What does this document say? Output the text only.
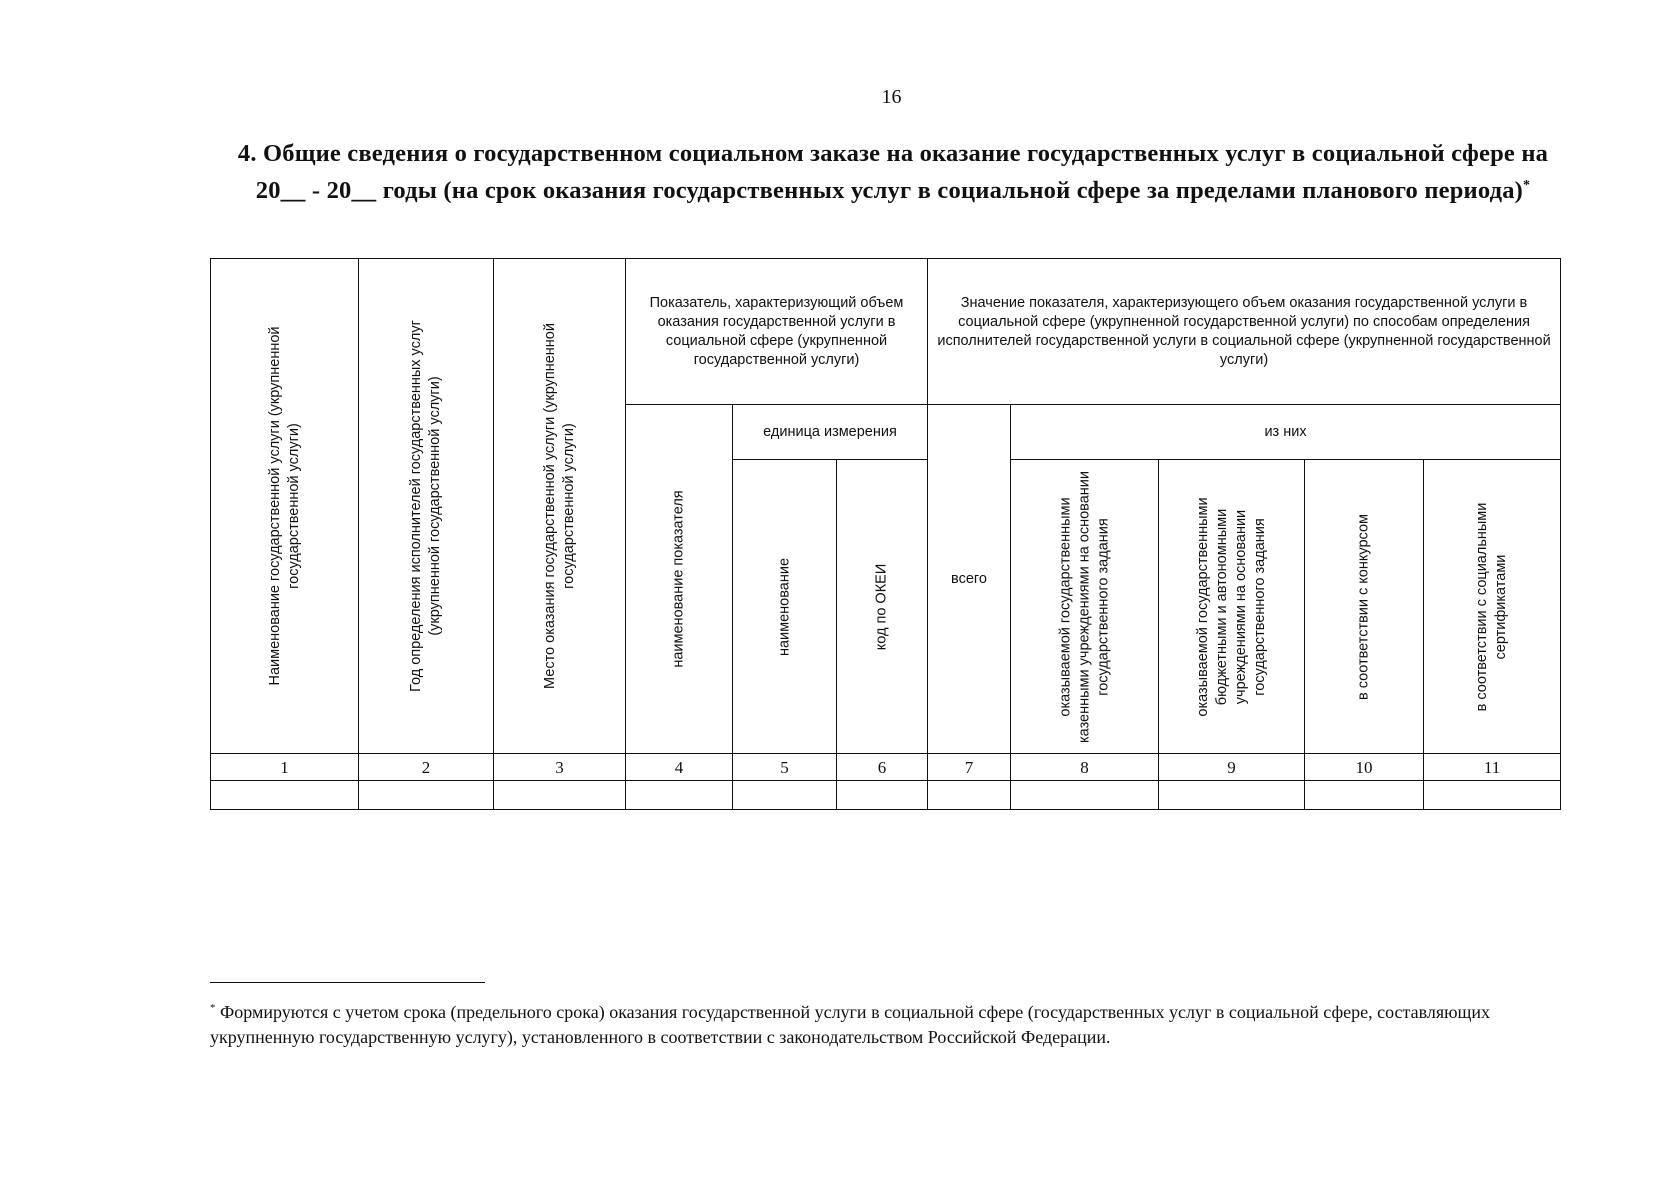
16
4. Общие сведения о государственном социальном заказе на оказание государственных услуг в социальной сфере на 20__ - 20__ годы (на срок оказания государственных услуг в социальной сфере за пределами планового периода)*
Наименование государственной услуги (укрупненной государственной услуги)	Год определения исполнителей государственных услуг (укрупненной государственной услуги)	Место оказания государственной услуги (укрупненной государственной услуги)	Показатель, характеризующий объем оказания государственной услуги в социальной сфере (укрупненной государственной услуги)			Значение показателя, характеризующего объем оказания государственной услуги в социальной сфере (укрупненной государственной услуги) по способам определения исполнителей государственной услуги в социальной сфере (укрупненной государственной услуги)				

			наименование показателя	единица измерения		всего	из них			

				наименование	код по ОКЕИ		оказываемой государственными казенными учреждениями на основании государственного задания	оказываемой государственными бюджетными и автономными учреждениями на основании государственного задания	в соответствии с конкурсом	в соответствии с социальными сертификатами

1	2	3	4	5	6	7	8	9	10	11

* Формируются с учетом срока (предельного срока) оказания государственной услуги в социальной сфере (государственных услуг в социальной сфере, составляющих укрупненную государственную услугу), установленного в соответствии с законодательством Российской Федерации.
